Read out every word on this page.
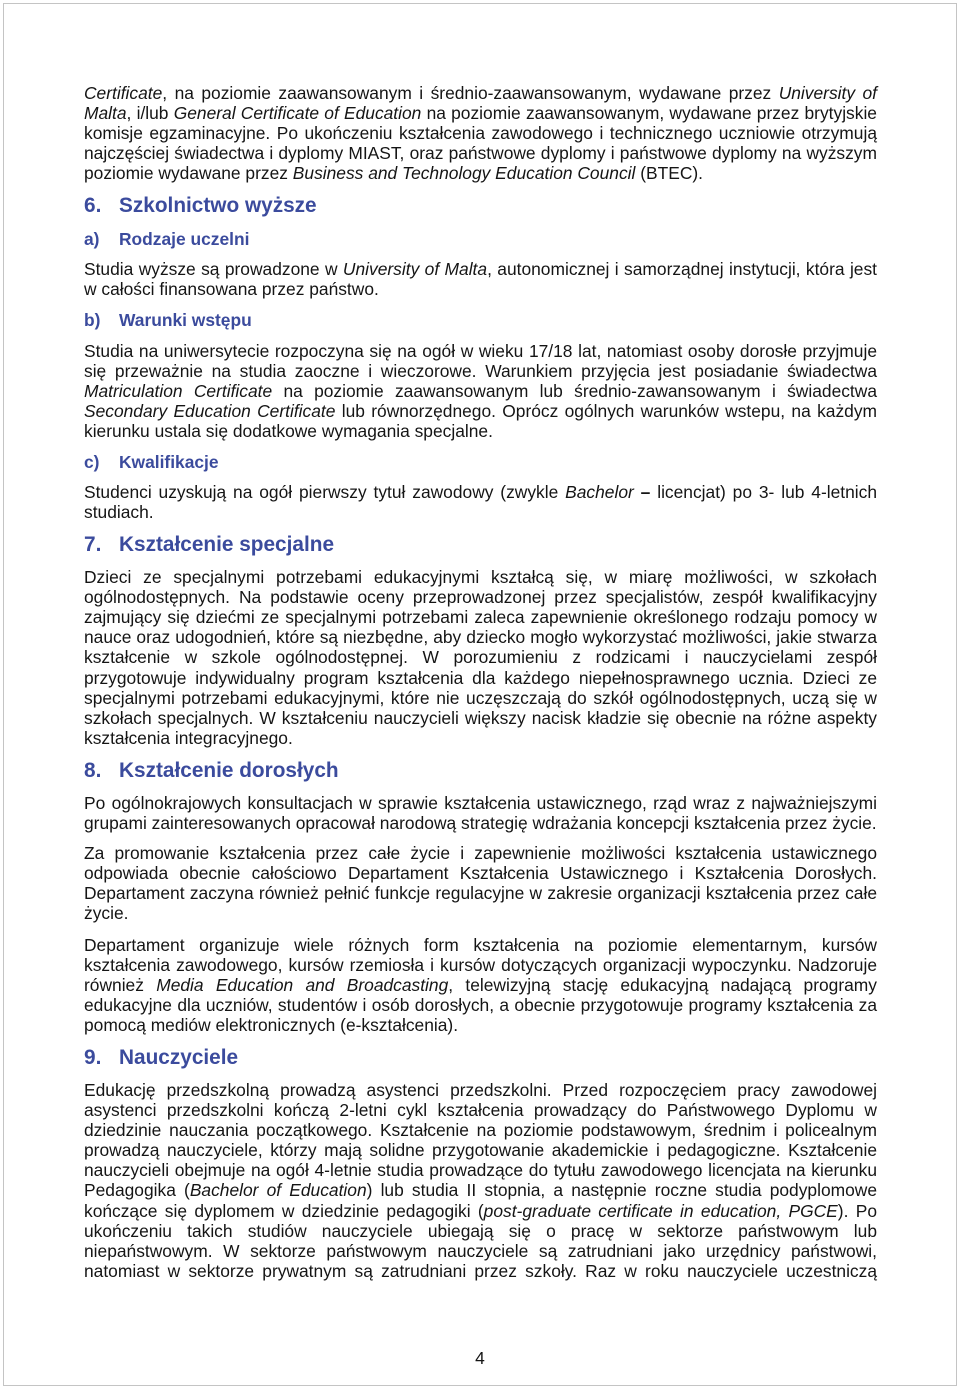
Certificate, na poziomie zaawansowanym i średnio-zaawansowanym, wydawane przez University of Malta, i/lub General Certificate of Education na poziomie zaawansowanym, wydawane przez brytyjskie komisje egzaminacyjne. Po ukończeniu kształcenia zawodowego i technicznego uczniowie otrzymują najczęściej świadectwa i dyplomy MIAST, oraz państwowe dyplomy i państwowe dyplomy na wyższym poziomie wydawane przez Business and Technology Education Council (BTEC).

6. Szkolnictwo wyższe
a) Rodzaje uczelni

Studia wyższe są prowadzone w University of Malta, autonomicznej i samorządnej instytucji, która jest w całości finansowana przez państwo.

b) Warunki wstępu

Studia na uniwersytecie rozpoczyna się na ogół w wieku 17/18 lat, natomiast osoby dorosłe przyjmuje się przeważnie na studia zaoczne i wieczorowe. Warunkiem przyjęcia jest posiadanie świadectwa Matriculation Certificate na poziomie zaawansowanym lub średnio-zawansowanym i świadectwa Secondary Education Certificate lub równorzędnego. Oprócz ogólnych warunków wstepu, na każdym kierunku ustala się dodatkowe wymagania specjalne.

c) Kwalifikacje

Studenci uzyskują na ogół pierwszy tytuł zawodowy (zwykle Bachelor – licencjat) po 3- lub 4-letnich studiach.

7. Kształcenie specjalne

Dzieci ze specjalnymi potrzebami edukacyjnymi kształcą się, w miarę możliwości, w szkołach ogólnodostępnych. Na podstawie oceny przeprowadzonej przez specjalistów, zespół kwalifikacyjny zajmujący się dziećmi ze specjalnymi potrzebami zaleca zapewnienie określonego rodzaju pomocy w nauce oraz udogodnień, które są niezbędne, aby dziecko mogło wykorzystać możliwości, jakie stwarza kształcenie w szkole ogólnodostępnej. W porozumieniu z rodzicami i nauczycielami zespół przygotowuje indywidualny program kształcenia dla każdego niepełnosprawnego ucznia. Dzieci ze specjalnymi potrzebami edukacyjnymi, które nie uczęszczają do szkół ogólnodostępnych, uczą się w szkołach specjalnych. W kształceniu nauczycieli większy nacisk kładzie się obecnie na różne aspekty kształcenia integracyjnego.

8. Kształcenie dorosłych

Po ogólnokrajowych konsultacjach w sprawie kształcenia ustawicznego, rząd wraz z najważniejszymi grupami zainteresowanych opracował narodową strategię wdrażania koncepcji kształcenia przez życie.

Za promowanie kształcenia przez całe życie i zapewnienie możliwości kształcenia ustawicznego odpowiada obecnie całościowo Departament Kształcenia Ustawicznego i Kształcenia Dorosłych. Departament zaczyna również pełnić funkcje regulacyjne w zakresie organizacji kształcenia przez całe życie.

Departament organizuje wiele różnych form kształcenia na poziomie elementarnym, kursów kształcenia zawodowego, kursów rzemiosła i kursów dotyczących organizacji wypoczynku. Nadzoruje również Media Education and Broadcasting, telewizyjną stację edukacyjną nadającą programy edukacyjne dla uczniów, studentów i osób dorosłych, a obecnie przygotowuje programy kształcenia za pomocą mediów elektronicznych (e-kształcenia).

9. Nauczyciele

Edukację przedszkolną prowadzą asystenci przedszkolni. Przed rozpoczęciem pracy zawodowej asystenci przedszkolni kończą 2-letni cykl kształcenia prowadzący do Państwowego Dyplomu w dziedzinie nauczania początkowego. Kształcenie na poziomie podstawowym, średnim i policealnym prowadzą nauczyciele, którzy mają solidne przygotowanie akademickie i pedagogiczne. Kształcenie nauczycieli obejmuje na ogół 4-letnie studia prowadzące do tytułu zawodowego licencjata na kierunku Pedagogika (Bachelor of Education) lub studia II stopnia, a następnie roczne studia podyplomowe kończące się dyplomem w dziedzinie pedagogiki (post-graduate certificate in education, PGCE). Po ukończeniu takich studiów nauczyciele ubiegają się o pracę w sektorze państwowym lub niepaństwowym. W sektorze państwowym nauczyciele są zatrudniani jako urzędnicy państwowi, natomiast w sektorze prywatnym są zatrudniani przez szkoły. Raz w roku nauczyciele uczestniczą

4
